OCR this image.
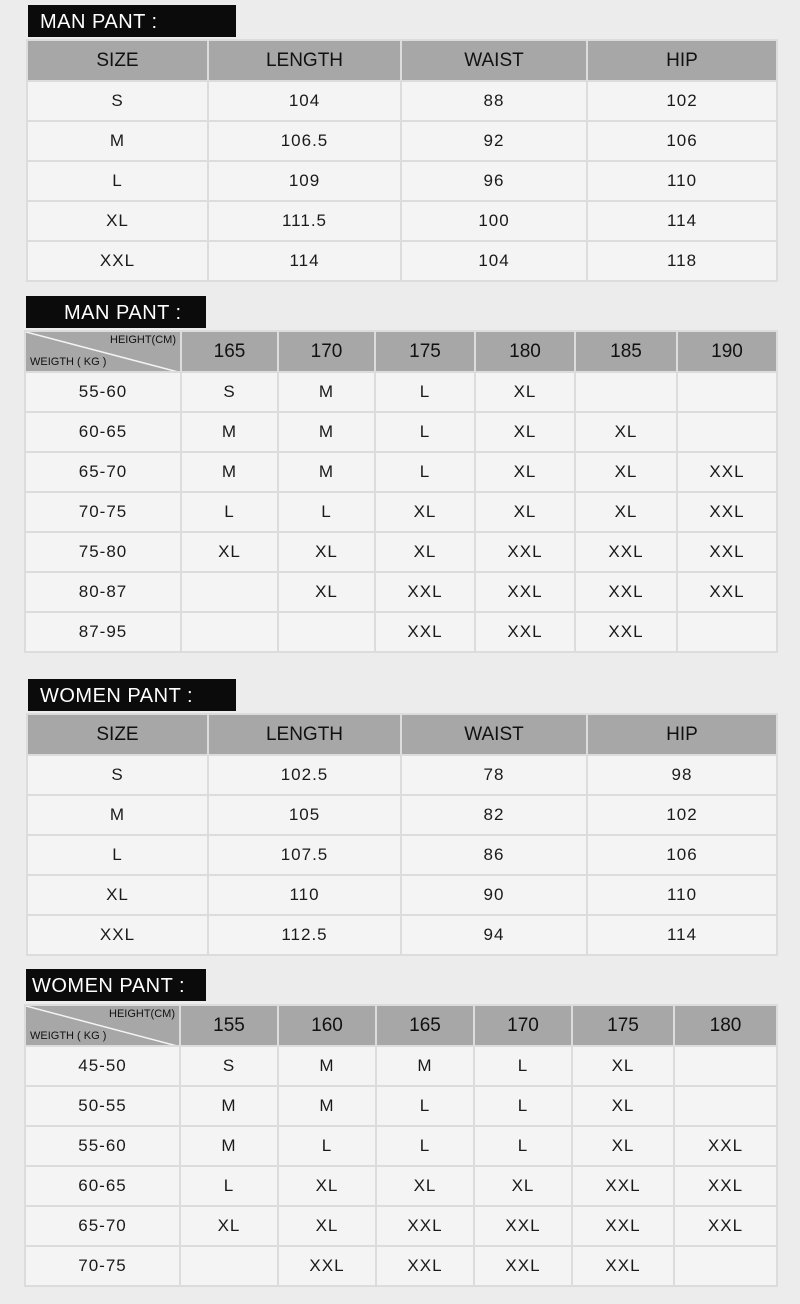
MAN PANT :
SIZE	LENGTH	WAIST	HIP
S	104	88	102
M	106.5	92	106
L	109	96	110
XL	111.5	100	114
XXL	114	104	118
MAN PANT :
HEIGHT(CM)
WEIGTH ( KG )	165	170	175	180	185	190
55-60	S	M	L	XL		
60-65	M	M	L	XL	XL	
65-70	M	M	L	XL	XL	XXL
70-75	L	L	XL	XL	XL	XXL
75-80	XL	XL	XL	XXL	XXL	XXL
80-87		XL	XXL	XXL	XXL	XXL
87-95			XXL	XXL	XXL	
WOMEN PANT :
SIZE	LENGTH	WAIST	HIP
S	102.5	78	98
M	105	82	102
L	107.5	86	106
XL	110	90	110
XXL	112.5	94	114
WOMEN PANT :
HEIGHT(CM)
WEIGTH ( KG )	155	160	165	170	175	180
45-50	S	M	M	L	XL	
50-55	M	M	L	L	XL	
55-60	M	L	L	L	XL	XXL
60-65	L	XL	XL	XL	XXL	XXL
65-70	XL	XL	XXL	XXL	XXL	XXL
70-75		XXL	XXL	XXL	XXL	
